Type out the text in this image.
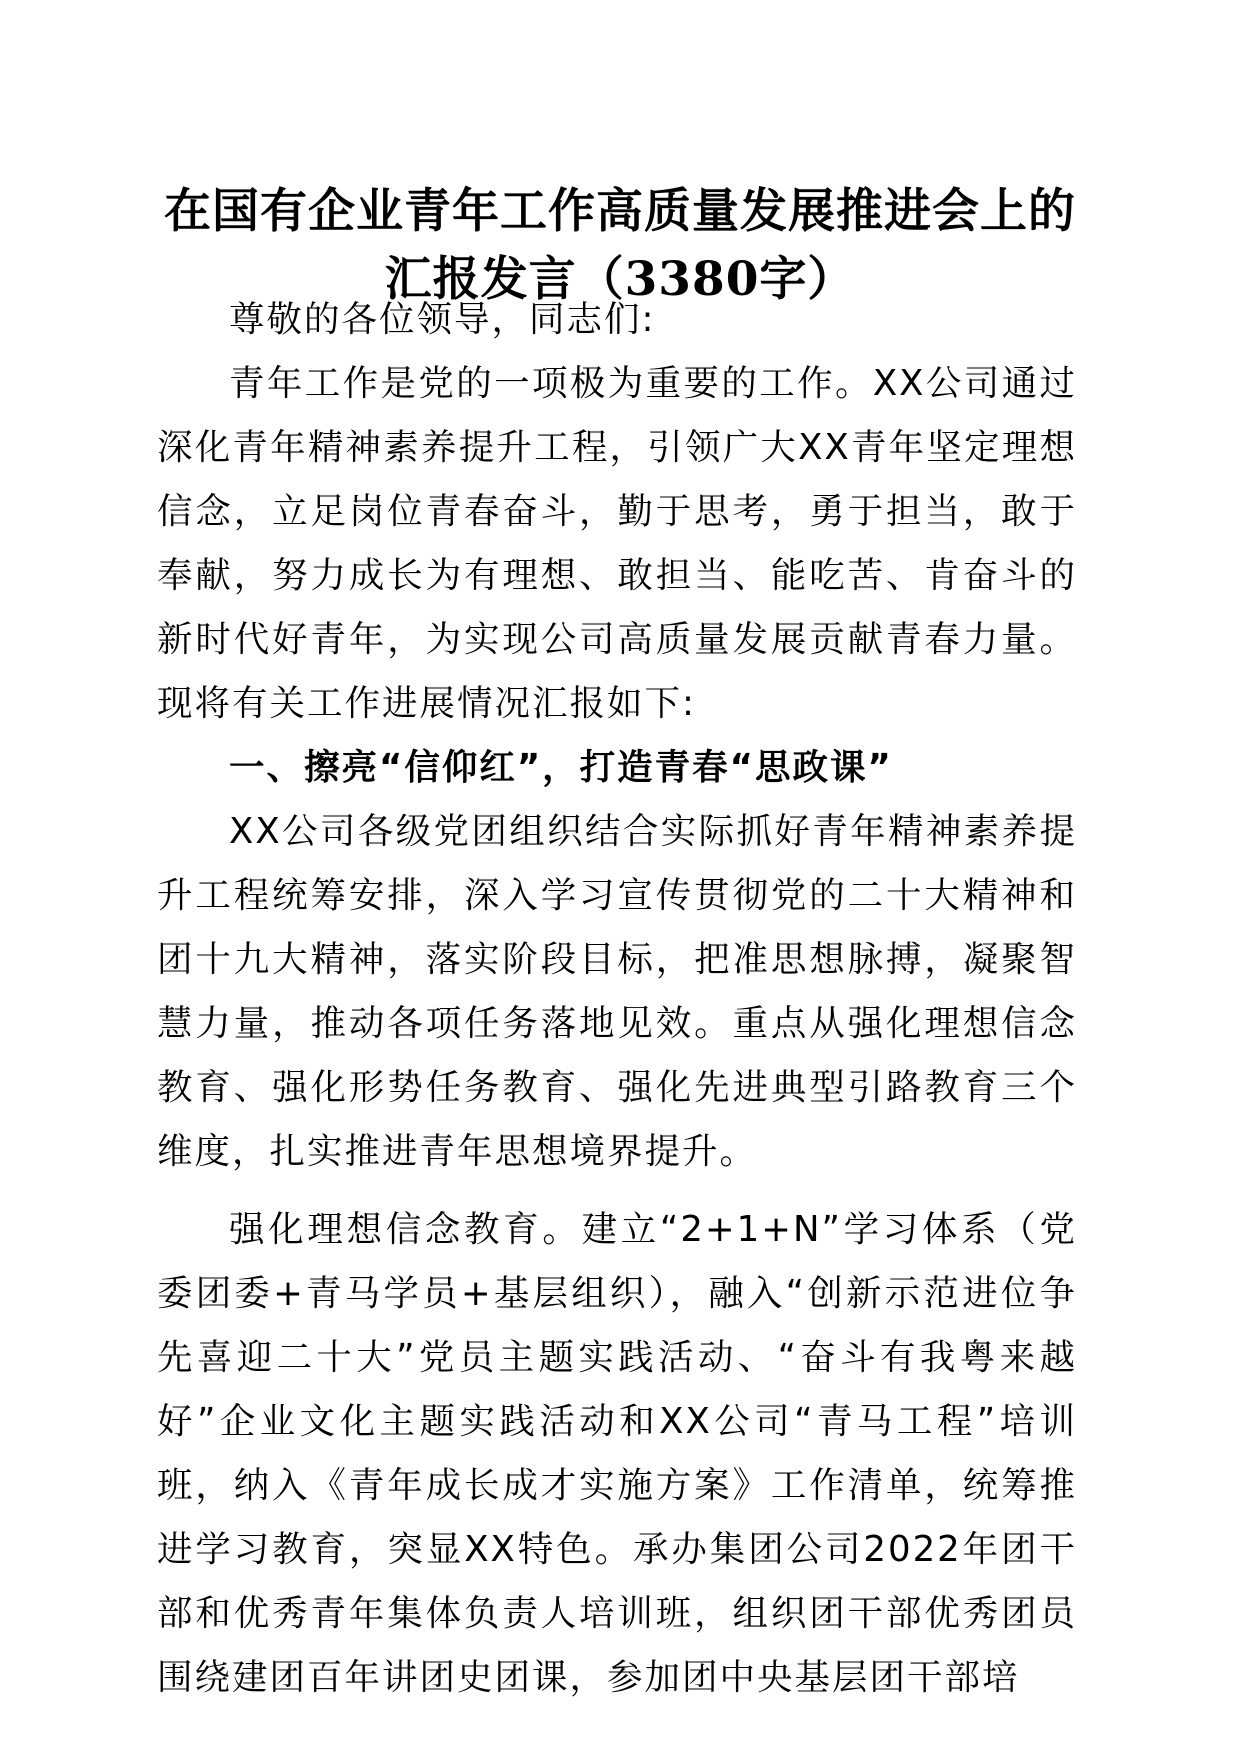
在国有企业青年工作高质量发展推进会上的汇报发言（3380字）

尊敬的各位领导，同志们:

青年工作是党的一项极为重要的工作。XX公司通过深化青年精神素养提升工程，引领广大XX青年坚定理想信念，立足岗位青春奋斗，勤于思考，勇于担当，敢于奉献，努力成长为有理想、敢担当、能吃苦、肯奋斗的新时代好青年，为实现公司高质量发展贡献青春力量。现将有关工作进展情况汇报如下:

一、擦亮“信仰红”，打造青春“思政课”

XX公司各级党团组织结合实际抓好青年精神素养提升工程统筹安排，深入学习宣传贯彻党的二十大精神和团十九大精神，落实阶段目标，把准思想脉搏，凝聚智慧力量，推动各项任务落地见效。重点从强化理想信念教育、强化形势任务教育、强化先进典型引路教育三个维度，扎实推进青年思想境界提升。

强化理想信念教育。建立“2+1+N”学习体系（党委团委+青马学员+基层组织），融入“创新示范进位争先喜迎二十大”党员主题实践活动、“奋斗有我粤来越好”企业文化主题实践活动和XX公司“青马工程”培训班，纳入《青年成长成才实施方案》工作清单，统筹推进学习教育，突显XX特色。承办集团公司2022年团干部和优秀青年集体负责人培训班，组织团干部优秀团员围绕建团百年讲团史团课，参加团中央基层团干部培
